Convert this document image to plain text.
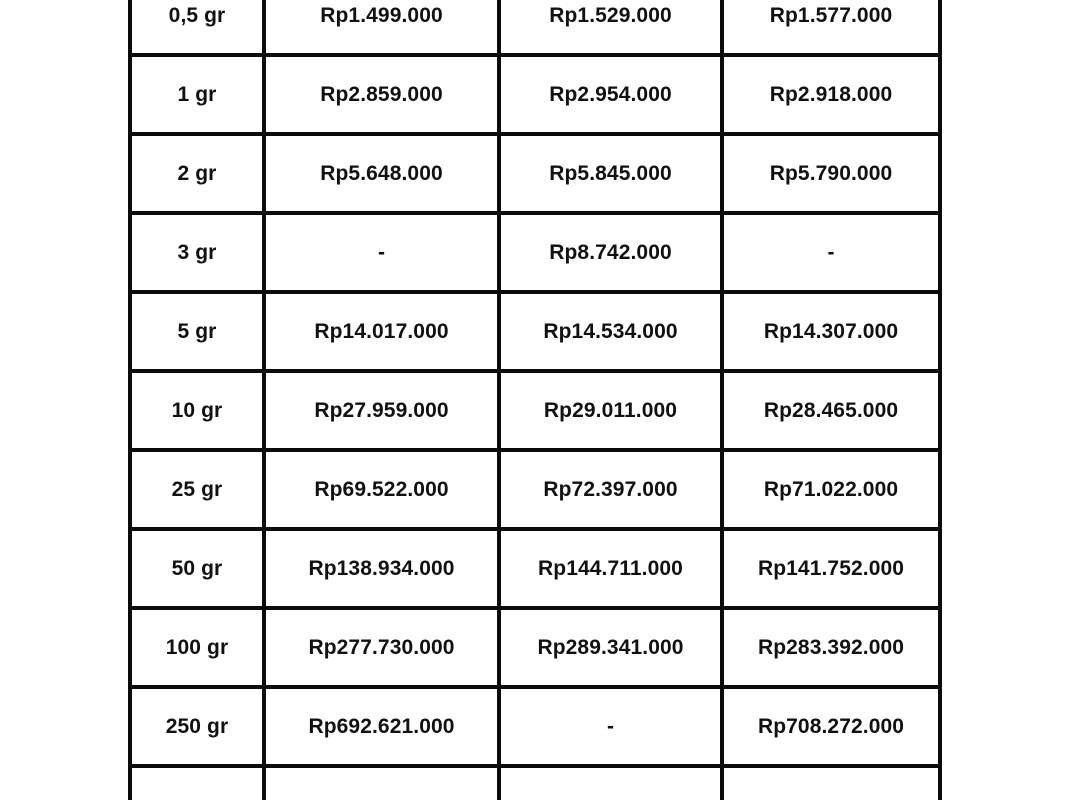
0,5 gr	Rp1.499.000	Rp1.529.000	Rp1.577.000
1 gr	Rp2.859.000	Rp2.954.000	Rp2.918.000
2 gr	Rp5.648.000	Rp5.845.000	Rp5.790.000
3 gr	-	Rp8.742.000	-
5 gr	Rp14.017.000	Rp14.534.000	Rp14.307.000
10 gr	Rp27.959.000	Rp29.011.000	Rp28.465.000
25 gr	Rp69.522.000	Rp72.397.000	Rp71.022.000
50 gr	Rp138.934.000	Rp144.711.000	Rp141.752.000
100 gr	Rp277.730.000	Rp289.341.000	Rp283.392.000
250 gr	Rp692.621.000	-	Rp708.272.000
